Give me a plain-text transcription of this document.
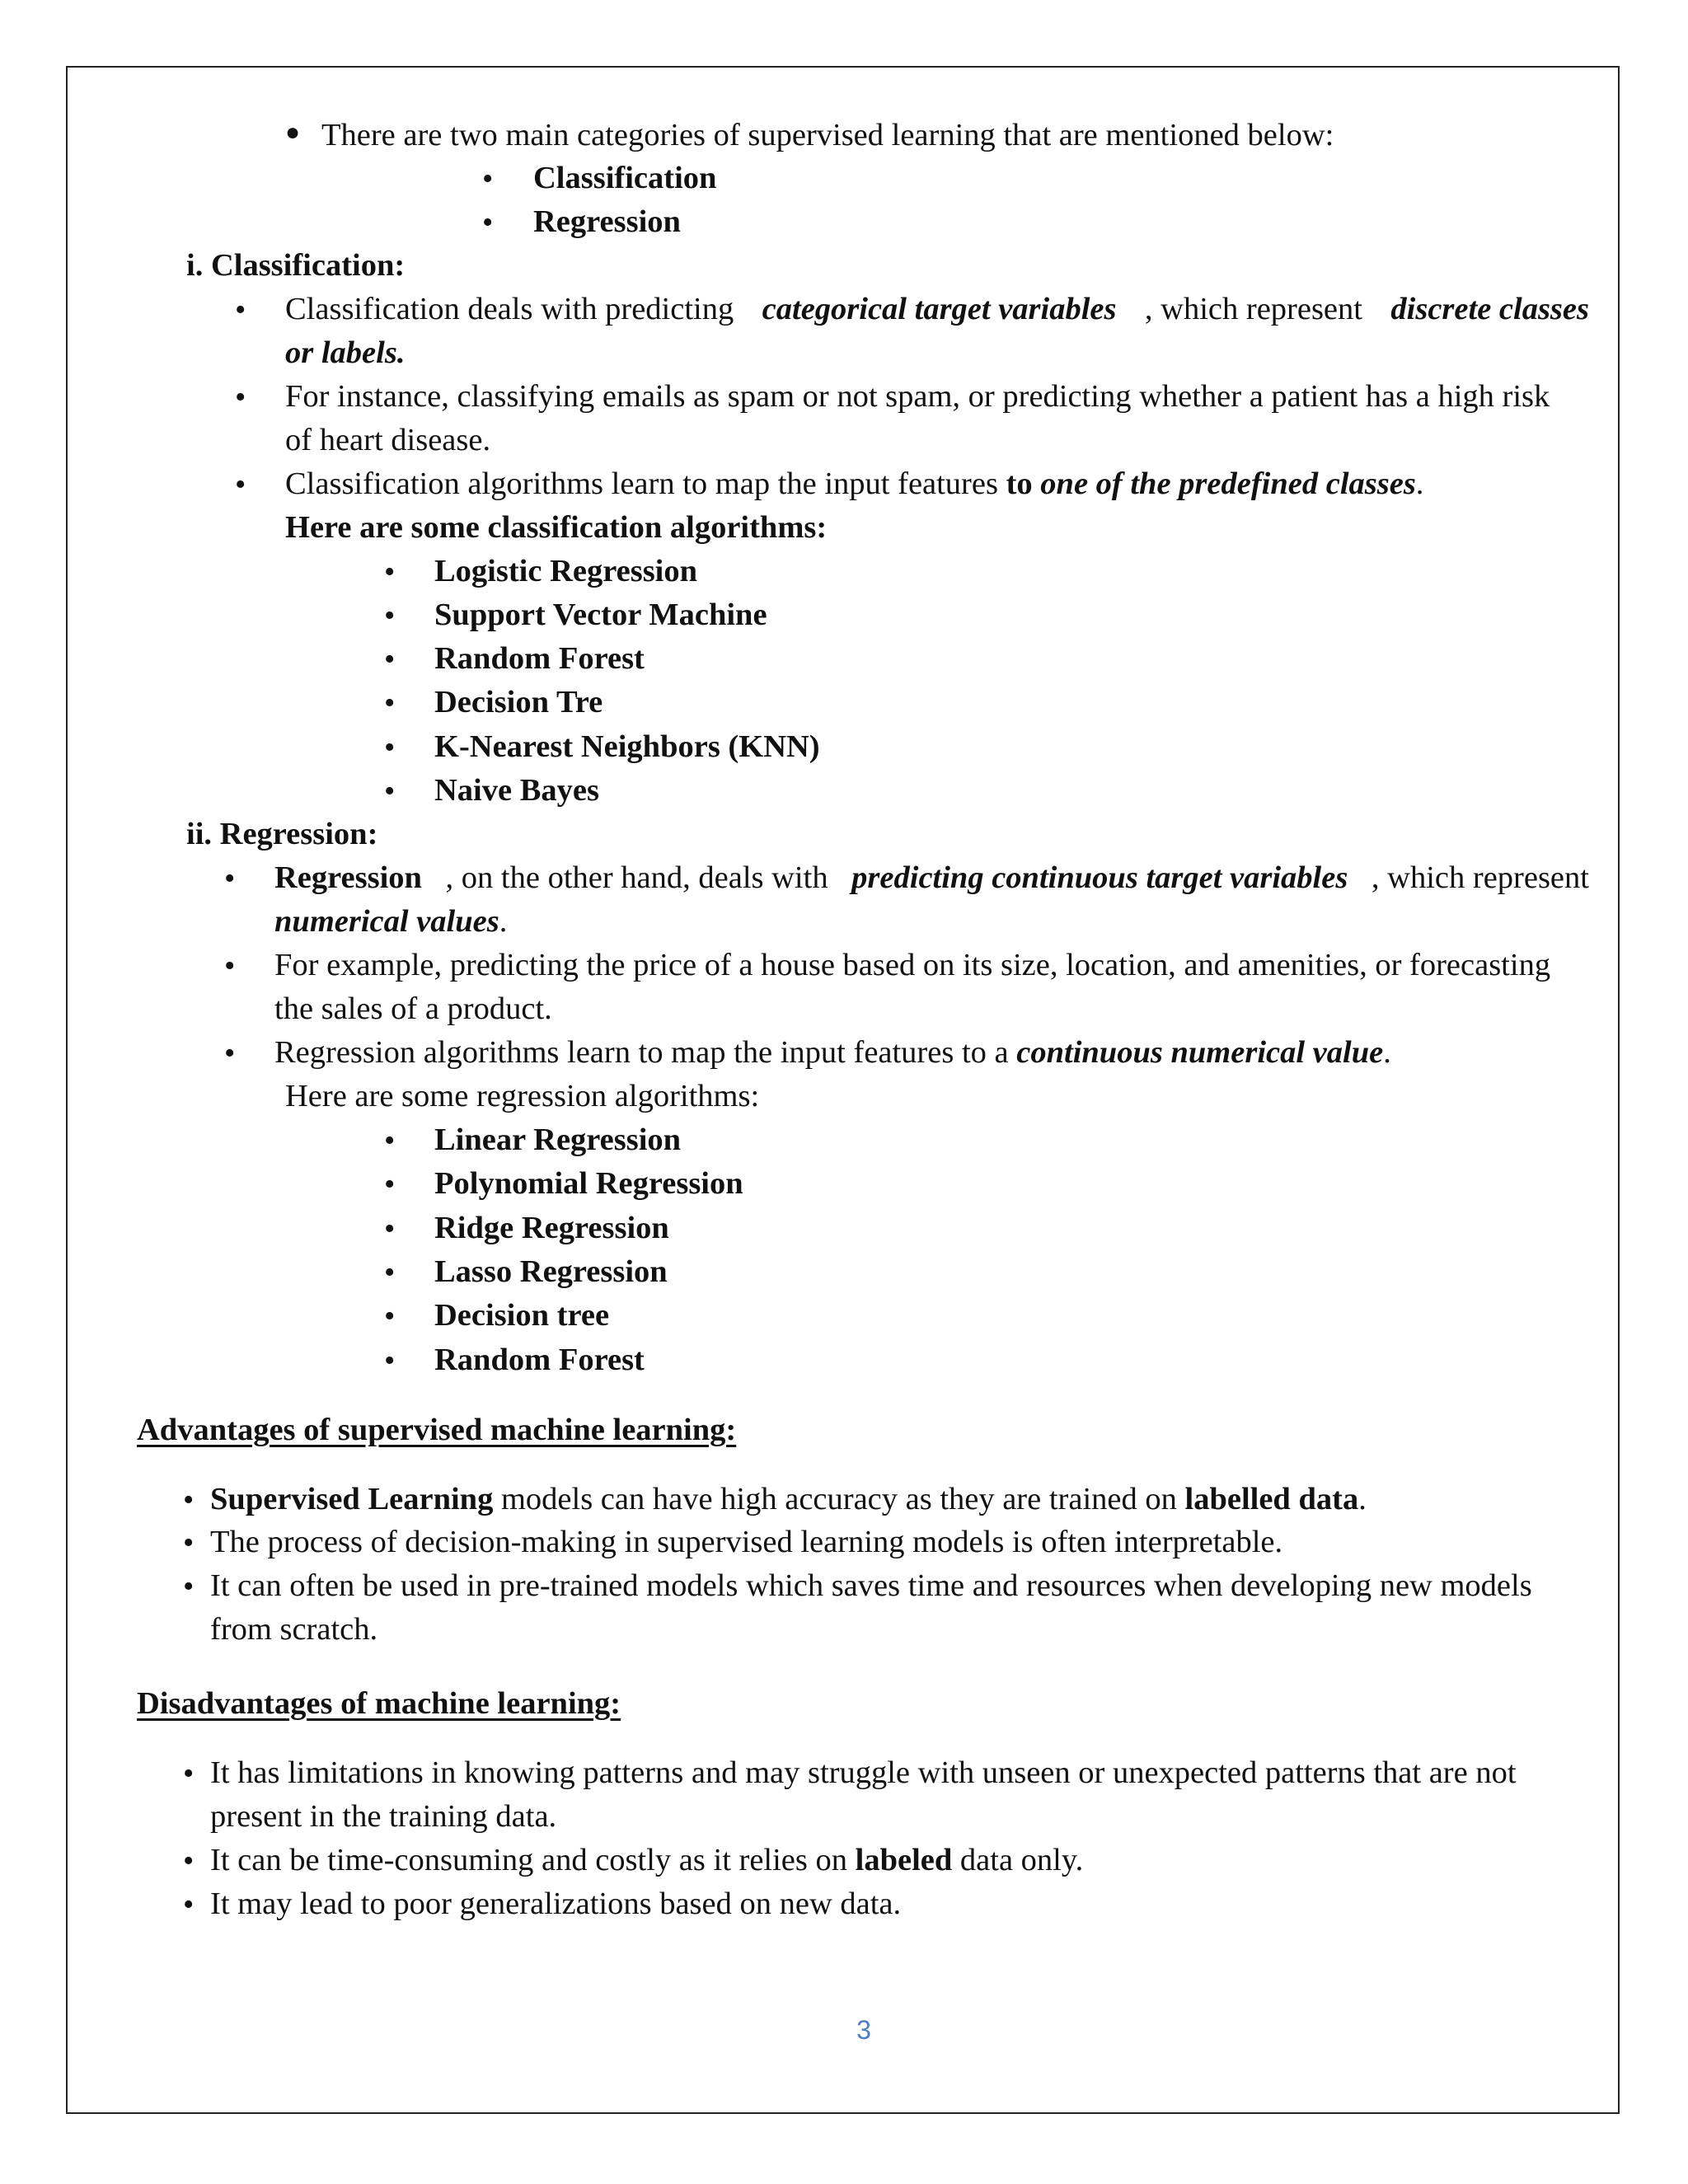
● There are two main categories of supervised learning that are mentioned below:
• Classification
• Regression
i. Classification:
• Classification deals with predicting categorical target variables , which represent discrete classes
or labels.
• For instance, classifying emails as spam or not spam, or predicting whether a patient has a high risk
of heart disease.
• Classification algorithms learn to map the input features to one of the predefined classes.
Here are some classification algorithms:
• Logistic Regression
• Support Vector Machine
• Random Forest
• Decision Tre
• K-Nearest Neighbors (KNN)
• Naive Bayes
ii. Regression:
• Regression , on the other hand, deals with predicting continuous target variables , which represent
numerical values.
• For example, predicting the price of a house based on its size, location, and amenities, or forecasting
the sales of a product.
• Regression algorithms learn to map the input features to a continuous numerical value.
Here are some regression algorithms:
• Linear Regression
• Polynomial Regression
• Ridge Regression
• Lasso Regression
• Decision tree
• Random Forest
Advantages of supervised machine learning:
• Supervised Learning models can have high accuracy as they are trained on labelled data.
• The process of decision-making in supervised learning models is often interpretable.
• It can often be used in pre-trained models which saves time and resources when developing new models
from scratch.
Disadvantages of machine learning:
• It has limitations in knowing patterns and may struggle with unseen or unexpected patterns that are not
present in the training data.
• It can be time-consuming and costly as it relies on labeled data only.
• It may lead to poor generalizations based on new data.
3
